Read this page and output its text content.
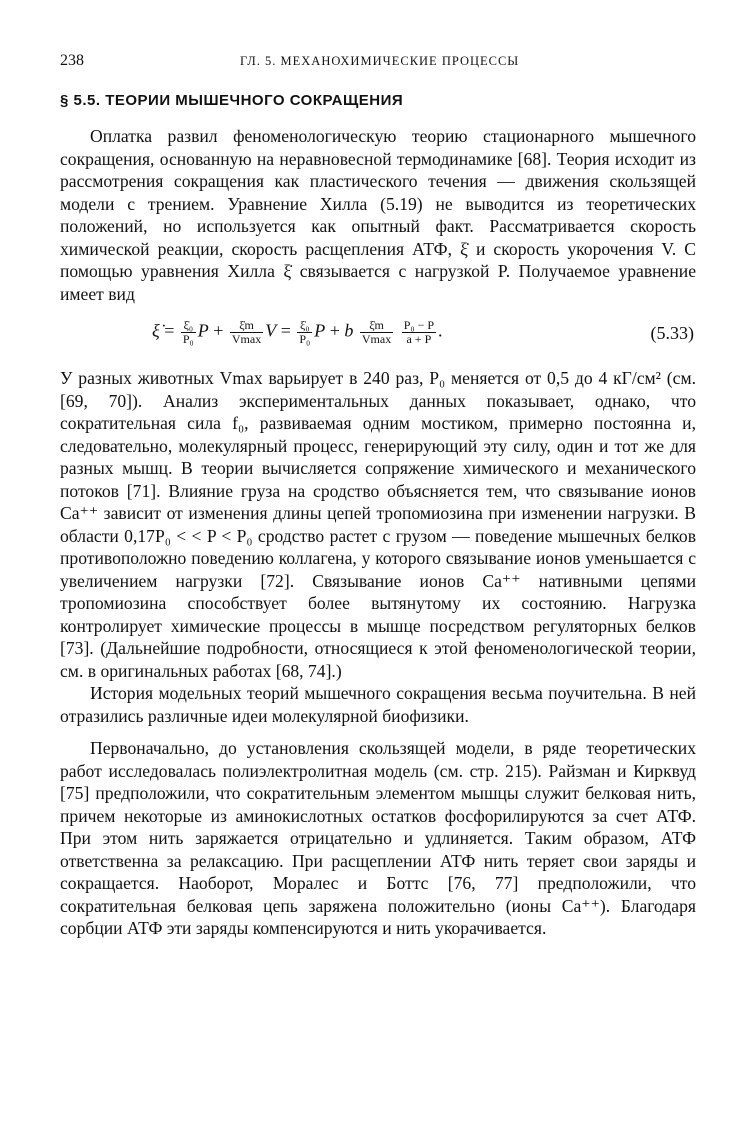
238	ГЛ. 5. МЕХАНОХИМИЧЕСКИЕ ПРОЦЕССЫ
§ 5.5. ТЕОРИИ МЫШЕЧНОГО СОКРАЩЕНИЯ

Оплатка развил феноменологическую теорию стационарного мышечного сокращения, основанную на неравновесной термодинамике [68]. Теория исходит из рассмотрения сокращения как пластического течения — движения скользящей модели с трением. Уравнение Хилла (5.19) не выводится из теоретических положений, но используется как опытный факт. Рассматривается скорость химической реакции, скорость расщепления АТФ, ξ̇ и скорость укорочения V. С помощью уравнения Хилла ξ̇ связывается с нагрузкой P. Получаемое уравнение имеет вид

ξ̇ = $\frac{\text{ξ̇₀}}{\text{P₀}}$ $P + \frac{\xi̇m}{Vmax}$ $V = \frac{\text{ξ̇₀}}{\text{P₀}}$ P + b $\frac{\xi̇m}{Vmax}$
$\frac{\text{P₀ − P}}{a + P}$ .	(5.33)

У разных животных Vmax варьирует в 240 раз, P₀ меняется от 0,5 до 4 кГ/см² (см. [69, 70]). Анализ экспериментальных данных показывает, однако, что сократительная сила f₀, развиваемая одним мостиком, примерно постоянна и, следовательно, молекулярный процесс, генерирующий эту силу, один и тот же для разных мышц. В теории вычисляется сопряжение химического и механического потоков [71]. Влияние груза на сродство объясняется тем, что связывание ионов Ca⁺⁺ зависит от изменения длины цепей тропомиозина при изменении нагрузки. В области 0,17P₀ < < P < P₀ сродство растет с грузом — поведение мышечных белков противоположно поведению коллагена, у которого связывание ионов уменьшается с увеличением нагрузки [72]. Связывание ионов Ca⁺⁺ нативными цепями тропомиозина способствует более вытянутому их состоянию. Нагрузка контролирует химические процессы в мышце посредством регуляторных белков [73]. (Дальнейшие подробности, относящиеся к этой феноменологической теории, см. в оригинальных работах [68, 74].)

История модельных теорий мышечного сокращения весьма поучительна. В ней отразились различные идеи молекулярной биофизики.

Первоначально, до установления скользящей модели, в ряде теоретических работ исследовалась полиэлектролитная модель (см. стр. 215). Райзман и Кирквуд [75] предположили, что сократительным элементом мышцы служит белковая нить, причем некоторые из аминокислотных остатков фосфорилируются за счет АТФ. При этом нить заряжается отрицательно и удлиняется. Таким образом, АТФ ответственна за релаксацию. При расщеплении АТФ нить теряет свои заряды и сокращается. Наоборот, Моралес и Боттс [76, 77] предположили, что сократительная белковая цепь заряжена положительно (ионы Ca⁺⁺). Благодаря сорбции АТФ эти заряды компенсируются и нить укорачивается.
